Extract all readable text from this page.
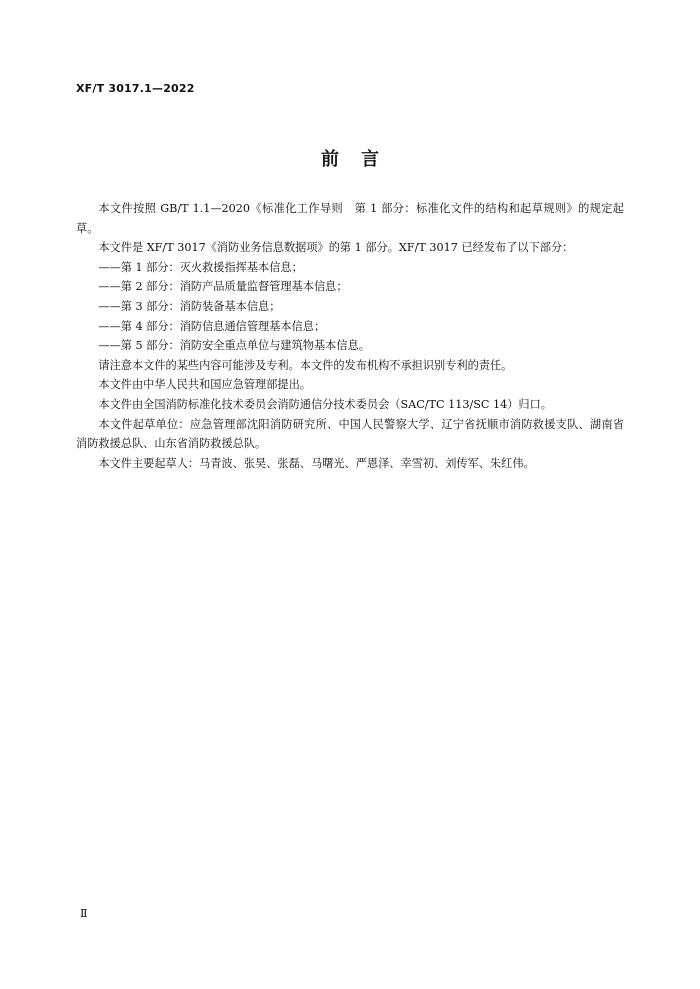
XF/T 3017.1—2022
前言

本文件按照 GB/T 1.1—2020《标准化工作导则　第 1 部分：标准化文件的结构和起草规则》的规定起草。

本文件是 XF/T 3017《消防业务信息数据项》的第 1 部分。XF/T 3017 已经发布了以下部分：

——第 1 部分：灭火救援指挥基本信息；

——第 2 部分：消防产品质量监督管理基本信息；

——第 3 部分：消防装备基本信息；

——第 4 部分：消防信息通信管理基本信息；

——第 5 部分：消防安全重点单位与建筑物基本信息。

请注意本文件的某些内容可能涉及专利。本文件的发布机构不承担识别专利的责任。

本文件由中华人民共和国应急管理部提出。

本文件由全国消防标准化技术委员会消防通信分技术委员会（SAC/TC 113/SC 14）归口。

本文件起草单位：应急管理部沈阳消防研究所、中国人民警察大学、辽宁省抚顺市消防救援支队、湖南省消防救援总队、山东省消防救援总队。

本文件主要起草人：马青波、张昊、张磊、马曙光、严恩泽、幸雪初、刘传军、朱红伟。

Ⅱ
